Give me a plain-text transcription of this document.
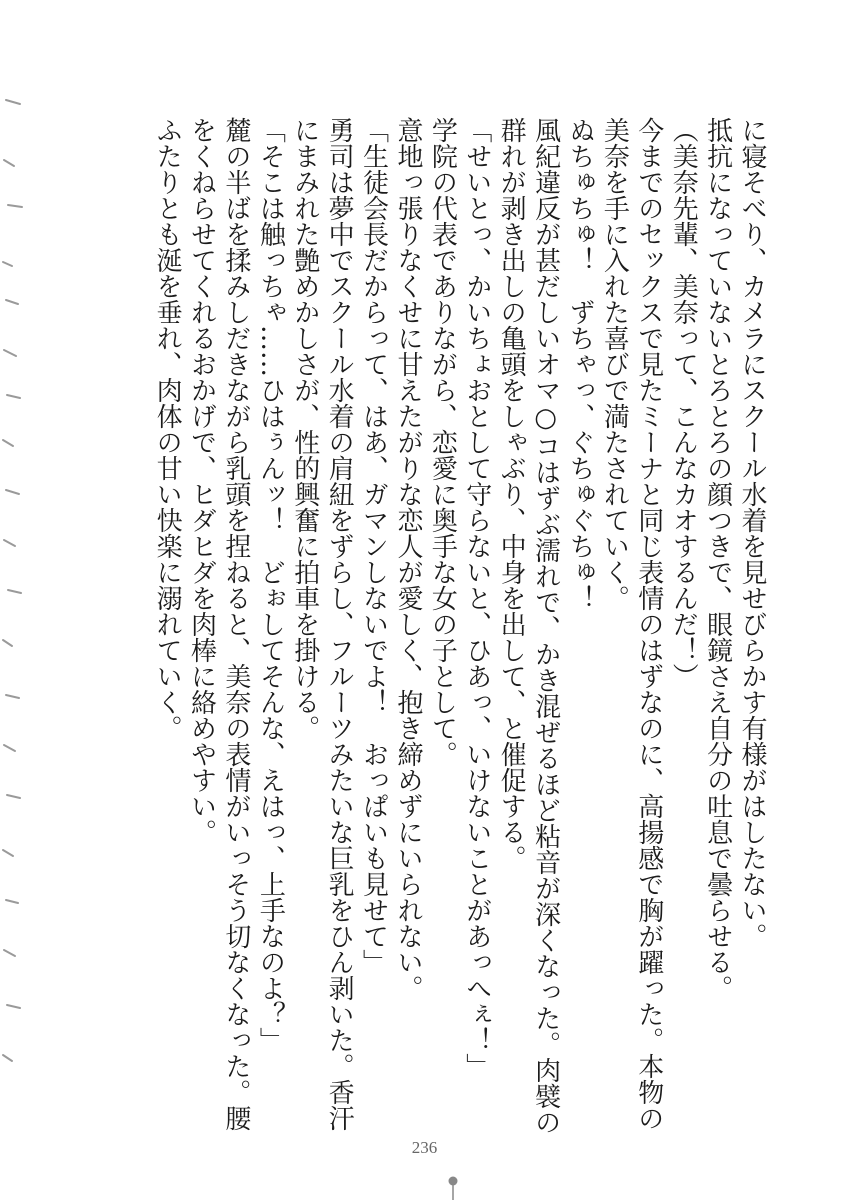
に寝そべり、カメラにスクール水着を見せびらかす有様がはしたない。
抵抗になっていないとろとろの顔つきで、眼鏡さえ自分の吐息で曇らせる。
（美奈先輩、美奈って、こんなカオするんだ！）
今までのセックスで見たミーナと同じ表情のはずなのに、高揚感で胸が躍った。本物の
美奈を手に入れた喜びで満たされていく。
ぬちゅちゅ！　ずちゃっ、ぐちゅぐちゅ！
風紀違反が甚だしいオマ○コはずぶ濡れで、かき混ぜるほど粘音が深くなった。肉襞の
群れが剥き出しの亀頭をしゃぶり、中身を出して、と催促する。
「せいとっ、かいちょおとして守らないと、ひあっ、いけないことがあっへぇ！」
学院の代表でありながら、恋愛に奥手な女の子として。
意地っ張りなくせに甘えたがりな恋人が愛しく、抱き締めずにいられない。
「生徒会長だからって、はあ、ガマンしないでよ！　おっぱいも見せて」
勇司は夢中でスクール水着の肩紐をずらし、フルーツみたいな巨乳をひん剥いた。香汗
にまみれた艶めかしさが、性的興奮に拍車を掛ける。
「そこは触っちゃ……ひはぅんッ！　どぉしてそんな、えはっ、上手なのよ？」
麓の半ばを揉みしだきながら乳頭を捏ねると、美奈の表情がいっそう切なくなった。腰
をくねらせてくれるおかげで、ヒダヒダを肉棒に絡めやすい。
ふたりとも涎を垂れ、肉体の甘い快楽に溺れていく。
236
